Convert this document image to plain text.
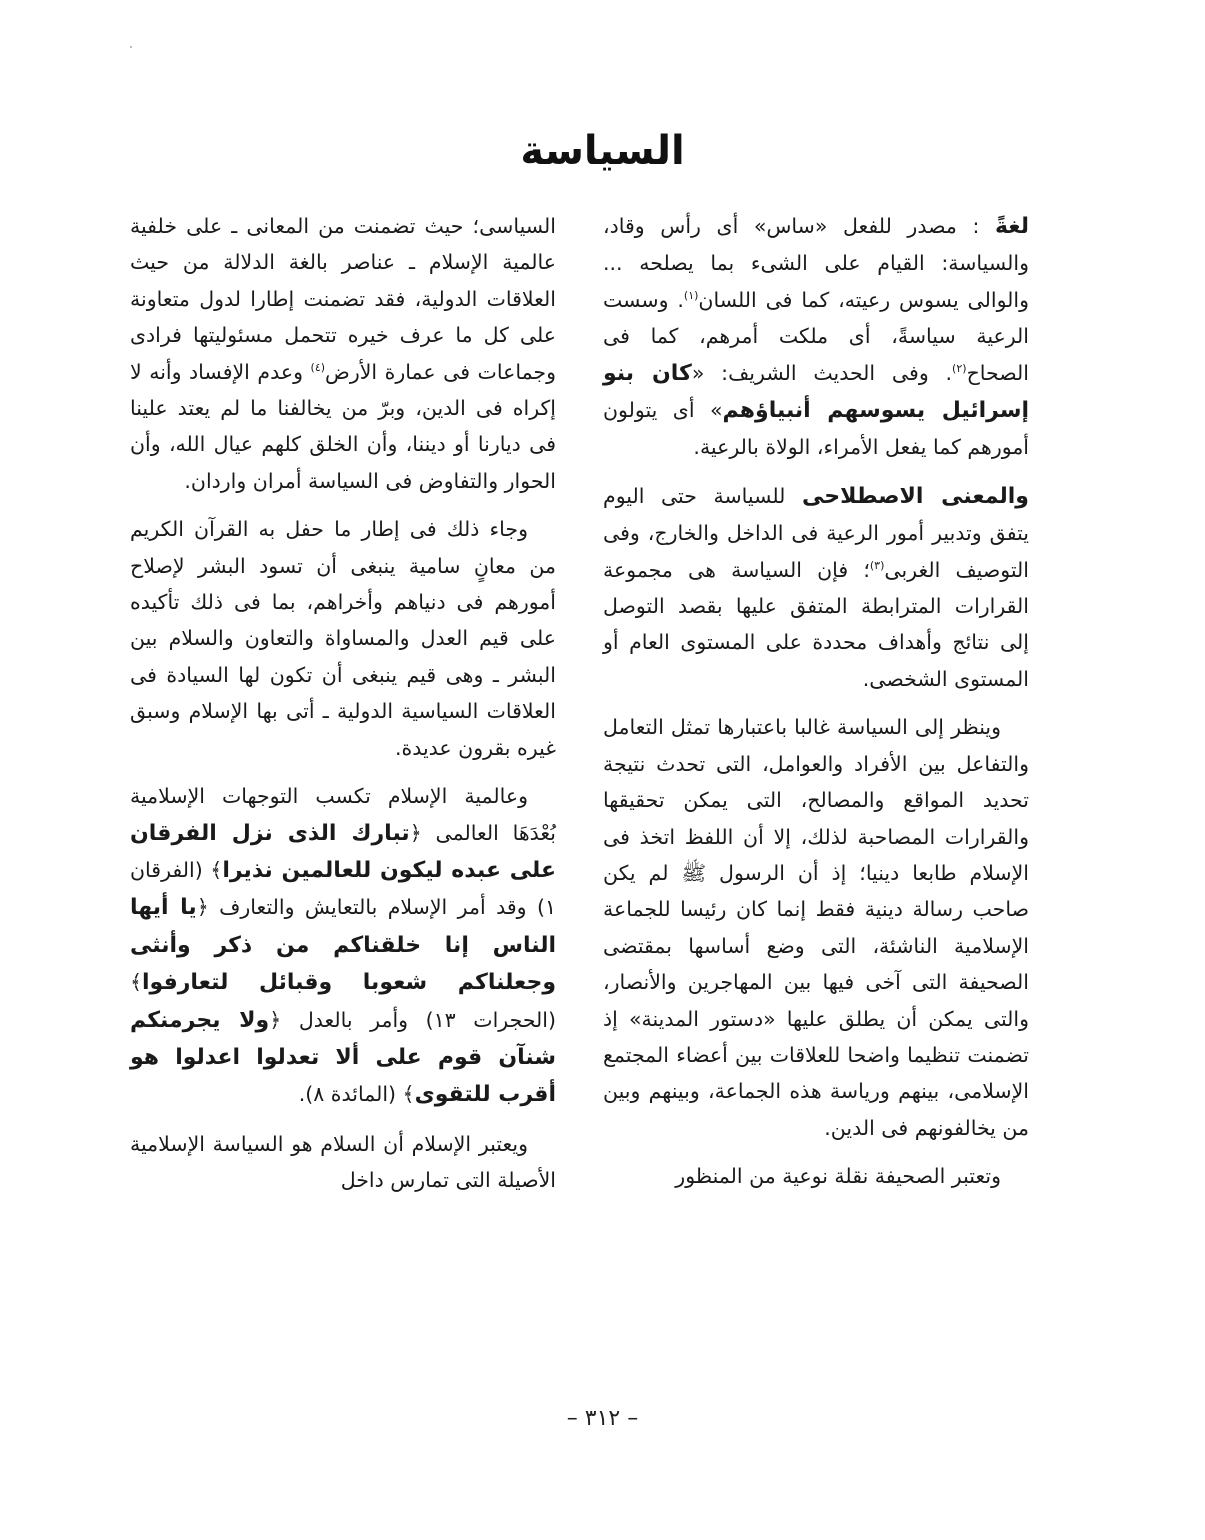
السياسة

لغةً : مصدر للفعل «ساس» أى رأس وقاد، والسياسة: القيام على الشىء بما يصلحه ... والوالى يسوس رعيته، كما فى اللسان$^{(١)}$. وسست الرعية سياسةً، أى ملكت أمرهم، كما فى الصحاح$^{(٢)}$. وفى الحديث الشريف: «كان بنو إسرائيل يسوسهم أنبياؤهم» أى يتولون أمورهم كما يفعل الأمراء، الولاة بالرعية.

والمعنى الاصطلاحى للسياسة حتى اليوم يتفق وتدبير أمور الرعية فى الداخل والخارج، وفى التوصيف الغربى$^{(٣)}$؛ فإن السياسة هى مجموعة القرارات المترابطة المتفق عليها بقصد التوصل إلى نتائج وأهداف محددة على المستوى العام أو المستوى الشخصى.

وينظر إلى السياسة غالبا باعتبارها تمثل التعامل والتفاعل بين الأفراد والعوامل، التى تحدث نتيجة تحديد المواقع والمصالح، التى يمكن تحقيقها والقرارات المصاحبة لذلك، إلا أن اللفظ اتخذ فى الإسلام طابعا دينيا؛ إذ أن الرسول ﷺ لم يكن صاحب رسالة دينية فقط إنما كان رئيسا للجماعة الإسلامية الناشئة، التى وضع أساسها بمقتضى الصحيفة التى آخى فيها بين المهاجرين والأنصار، والتى يمكن أن يطلق عليها «دستور المدينة» إذ تضمنت تنظيما واضحا للعلاقات بين أعضاء المجتمع الإسلامى، بينهم ورياسة هذه الجماعة، وبينهم وبين من يخالفونهم فى الدين.

وتعتبر الصحيفة نقلة نوعية من المنظور

السياسى؛ حيث تضمنت من المعانى ـ على خلفية عالمية الإسلام ـ عناصر بالغة الدلالة من حيث العلاقات الدولية، فقد تضمنت إطارا لدول متعاونة على كل ما عرف خيره تتحمل مسئوليتها فرادى وجماعات فى عمارة الأرض$^{(٤)}$ وعدم الإفساد وأنه لا إكراه فى الدين، وبرّ من يخالفنا ما لم يعتد علينا فى ديارنا أو ديننا، وأن الخلق كلهم عيال الله، وأن الحوار والتفاوض فى السياسة أمران واردان.

وجاء ذلك فى إطار ما حفل به القرآن الكريم من معانٍ سامية ينبغى أن تسود البشر لإصلاح أمورهم فى دنياهم وأخراهم، بما فى ذلك تأكيده على قيم العدل والمساواة والتعاون والسلام بين البشر ـ وهى قيم ينبغى أن تكون لها السيادة فى العلاقات السياسية الدولية ـ أتى بها الإسلام وسبق غيره بقرون عديدة.

وعالمية الإسلام تكسب التوجهات الإسلامية بُعْدَهَا العالمى ﴿تبارك الذى نزل الفرقان على عبده ليكون للعالمين نذيرا﴾ (الفرقان ١) وقد أمر الإسلام بالتعايش والتعارف ﴿يا أيها الناس إنا خلقناكم من ذكر وأنثى وجعلناكم شعوبا وقبائل لتعارفوا﴾ (الحجرات ١٣) وأمر بالعدل ﴿ولا يجرمنكم شنآن قوم على ألا تعدلوا اعدلوا هو أقرب للتقوى﴾ (المائدة ٨).

ويعتبر الإسلام أن السلام هو السياسة الإسلامية الأصيلة التى تمارس داخل

– ٣١٢ –
